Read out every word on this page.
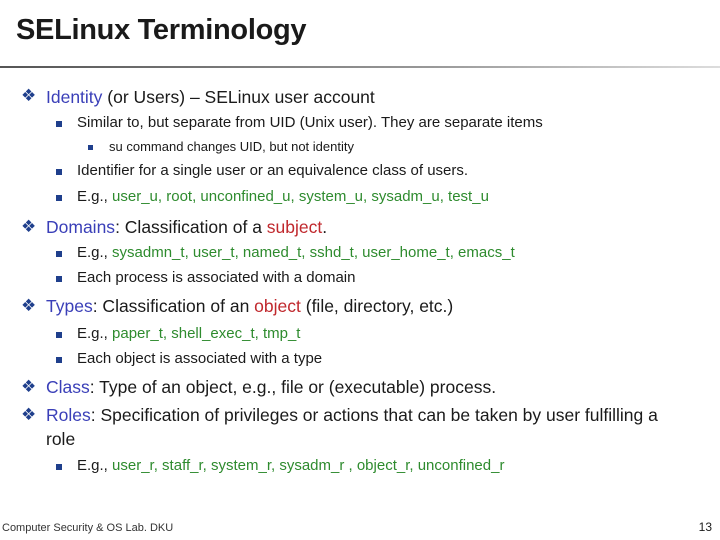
SELinux Terminology
❖ Identity (or Users) – SELinux user account
Similar to, but separate from UID (Unix user). They are separate items
su command changes UID, but not identity
Identifier for a single user or an equivalence class of users.
E.g., user_u, root, unconfined_u, system_u, sysadm_u, test_u
❖ Domains: Classification of a subject.
E.g., sysadmn_t, user_t, named_t, sshd_t, user_home_t, emacs_t
Each process is associated with a domain
❖ Types: Classification of an object (file, directory, etc.)
E.g., paper_t, shell_exec_t, tmp_t
Each object is associated with a type
❖ Class: Type of an object, e.g., file or (executable) process.
❖ Roles: Specification of privileges or actions that can be taken by user fulfilling a
role
E.g., user_r, staff_r, system_r, sysadm_r , object_r, unconfined_r
Computer Security & OS Lab. DKU	13
